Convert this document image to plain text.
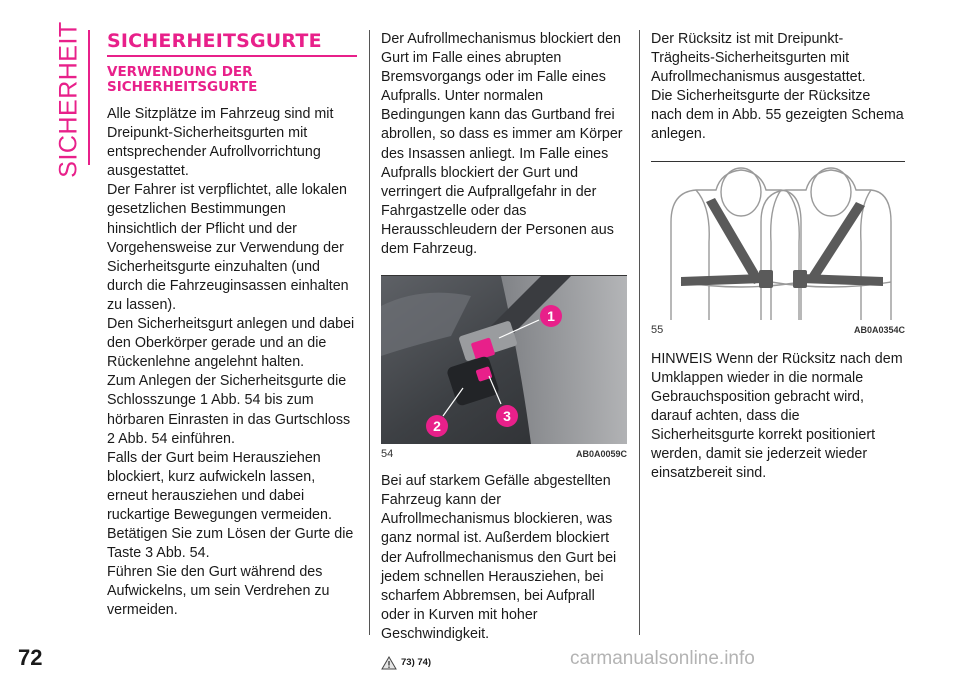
SICHERHEIT SICHERHEITSGURTE
VERWENDUNG DER SICHERHEITSGURTE

Alle Sitzplätze im Fahrzeug sind mit Dreipunkt-Sicherheitsgurten mit entsprechender Aufrollvorrichtung ausgestattet.

Der Fahrer ist verpflichtet, alle lokalen gesetzlichen Bestimmungen hinsichtlich der Pflicht und der Vorgehensweise zur Verwendung der Sicherheitsgurte einzuhalten (und durch die Fahrzeuginsassen einhalten zu lassen).

Den Sicherheitsgurt anlegen und dabei den Oberkörper gerade und an die Rückenlehne angelehnt halten.

Zum Anlegen der Sicherheitsgurte die Schlosszunge 1 Abb. 54 bis zum hörbaren Einrasten in das Gurtschloss 2 Abb. 54 einführen.

Falls der Gurt beim Herausziehen blockiert, kurz aufwickeln lassen, erneut herausziehen und dabei ruckartige Bewegungen vermeiden.

Betätigen Sie zum Lösen der Gurte die Taste 3 Abb. 54.

Führen Sie den Gurt während des Aufwickelns, um sein Verdrehen zu vermeiden.

Der Aufrollmechanismus blockiert den Gurt im Falle eines abrupten Bremsvorgangs oder im Falle eines Aufpralls. Unter normalen Bedingungen kann das Gurtband frei abrollen, so dass es immer am Körper des Insassen anliegt. Im Falle eines Aufpralls blockiert der Gurt und verringert die Aufprallgefahr in der Fahrgastzelle oder das Herausschleudern der Personen aus dem Fahrzeug.

1
2
3
54	AB0A0059C

Bei auf starkem Gefälle abgestellten Fahrzeug kann der Aufrollmechanismus blockieren, was ganz normal ist. Außerdem blockiert der Aufrollmechanismus den Gurt bei jedem schnellen Herausziehen, bei scharfem Abbremsen, bei Aufprall oder in Kurven mit hoher Geschwindigkeit.

73) 74)

Der Rücksitz ist mit Dreipunkt-Trägheits-Sicherheitsgurten mit Aufrollmechanismus ausgestattet.

Die Sicherheitsgurte der Rücksitze nach dem in Abb. 55 gezeigten Schema anlegen.

55	AB0A0354C

HINWEIS Wenn der Rücksitz nach dem Umklappen wieder in die normale Gebrauchsposition gebracht wird, darauf achten, dass die Sicherheitsgurte korrekt positioniert werden, damit sie jederzeit wieder einsatzbereit sind.

72	carmanualsonline.info
